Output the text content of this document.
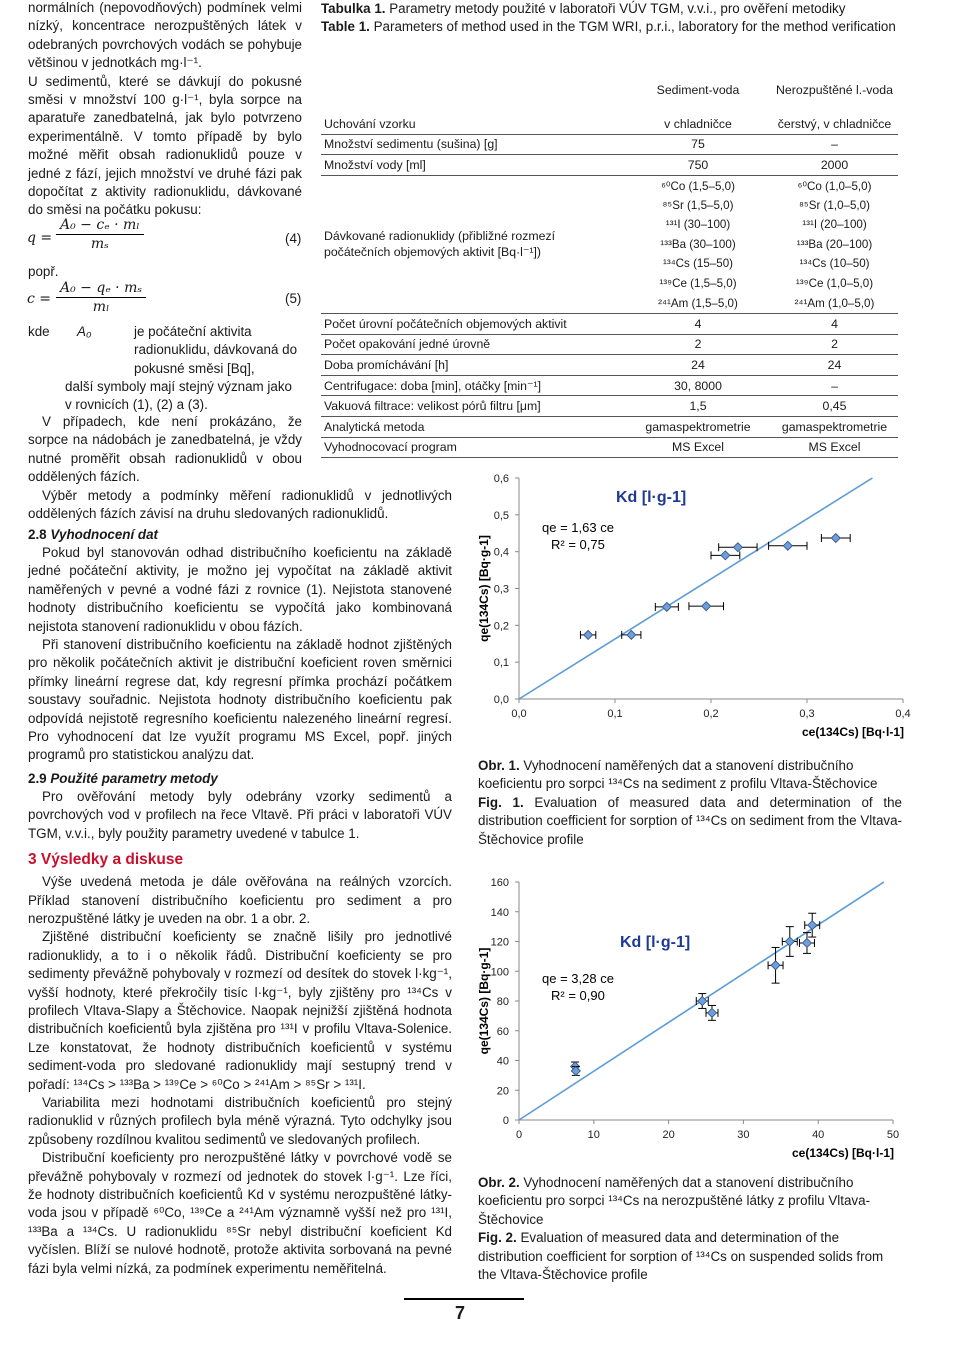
normálních (nepovodňových) podmínek velmi nízký, koncentrace nerozpuštěných látek v odebraných povrchových vodách se pohybuje většinou v jednotkách mg·l⁻¹.

U sedimentů, které se dávkují do pokusné směsi v množství 100 g·l⁻¹, byla sorpce na aparatuře zanedbatelná, jak bylo potvrzeno experimentálně. V tomto případě by bylo možné měřit obsah radionuklidů pouze v jedné z fází, jejich množství ve druhé fázi pak dopočítat z aktivity radionuklidu, dávkované do směsi na počátku pokusu:

$q = \frac{\text{A₀ − cₑ · mₗ}}{\text{mₛ}}$	(4)
popř.
$c = \frac{\text{A₀ − qₑ · mₛ}}{\text{mₗ}}$	(5)
kde A₀	je počáteční aktivita radionuklidu, dávkovaná do pokusné směsi [Bq],

další symboly mají stejný význam jako v rovnicích (1), (2) a (3).

V případech, kde není prokázáno, že sorpce na nádobách je zanedbatelná, je vždy nutné proměřit obsah radionuklidů v obou oddělených fázích.

Výběr metody a podmínky měření radionuklidů v jednotlivých oddělených fázích závisí na druhu sledovaných radionuklidů.

2.8 Vyhodnocení dat

Pokud byl stanovován odhad distribučního koeficientu na základě jedné počáteční aktivity, je možno jej vypočítat na základě aktivit naměřených v pevné a vodné fázi z rovnice (1). Nejistota stanovené hodnoty distribučního koeficientu se vypočítá jako kombinovaná nejistota stanovení radionuklidu v obou fázích.

Při stanovení distribučního koeficientu na základě hodnot zjištěných pro několik počátečních aktivit je distribuční koeficient roven směrnici přímky lineární regrese dat, kdy regresní přímka prochází počátkem soustavy souřadnic. Nejistota hodnoty distribučního koeficientu pak odpovídá nejistotě regresního koeficientu nalezeného lineární regresí. Pro vyhodnocení dat lze využít programu MS Excel, popř. jiných programů pro statistickou analýzu dat.

2.9 Použité parametry metody

Pro ověřování metody byly odebrány vzorky sedimentů a povrchových vod v profilech na řece Vltavě. Při práci v laboratoři VÚV TGM, v.v.i., byly použity parametry uvedené v tabulce 1.

3 Výsledky a diskuse

Výše uvedená metoda je dále ověřována na reálných vzorcích. Příklad stanovení distribučního koeficientu pro sediment a pro nerozpuštěné látky je uveden na obr. 1 a obr. 2.

Zjištěné distribuční koeficienty se značně lišily pro jednotlivé radionuklidy, a to i o několik řádů. Distribuční koeficienty se pro sedimenty převážně pohybovaly v rozmezí od desítek do stovek l·kg⁻¹, vyšší hodnoty, které překročily tisíc l·kg⁻¹, byly zjištěny pro ¹³⁴Cs v profilech Vltava-Slapy a Štěchovice. Naopak nejnižší zjištěná hodnota distribučních koeficientů byla zjištěna pro ¹³¹I v profilu Vltava-Solenice. Lze konstatovat, že hodnoty distribučních koeficientů v systému sediment-voda pro sledované radionuklidy mají sestupný trend v pořadí: ¹³⁴Cs > ¹³³Ba > ¹³⁹Ce > ⁶⁰Co > ²⁴¹Am > ⁸⁵Sr > ¹³¹I.

Variabilita mezi hodnotami distribučních koeficientů pro stejný radionuklid v různých profilech byla méně výrazná. Tyto odchylky jsou způsobeny rozdílnou kvalitou sedimentů ve sledovaných profilech.

Distribuční koeficienty pro nerozpuštěné látky v povrchové vodě se převážně pohybovaly v rozmezí od jednotek do stovek l·g⁻¹. Lze říci, že hodnoty distribučních koeficientů Kd v systému nerozpuštěné látky-voda jsou v případě ⁶⁰Co, ¹³⁹Ce a ²⁴¹Am významně vyšší než pro ¹³¹I, ¹³³Ba a ¹³⁴Cs. U radionuklidu ⁸⁵Sr nebyl distribuční koeficient Kd vyčíslen. Blíží se nulové hodnotě, protože aktivita sorbovaná na pevné fázi byla velmi nízká, za podmínek experimentu neměřitelná.

Tabulka 1. Parametry metody použité v laboratoři VÚV TGM, v.v.i., pro ověření metodiky

Table 1. Parameters of method used in the TGM WRI, p.r.i., laboratory for the method verification

	Sediment-voda	Nerozpuštěné l.-voda

Uchování vzorku	v chladničce	čerstvý, v chladničce
Množství sedimentu (sušina) [g]	75	–
Množství vody [ml]	750	2000
Dávkované radionuklidy (přibližné rozmezí počátečních objemových aktivit [Bq·l⁻¹])	⁶⁰Co (1,5–5,0)	⁶⁰Co (1,0–5,0)
	⁸⁵Sr (1,5–5,0)	⁸⁵Sr (1,0–5,0)
	¹³¹I (30–100)	¹³¹I (20–100)
	¹³³Ba (30–100)	¹³³Ba (20–100)
	¹³⁴Cs (15–50)	¹³⁴Cs (10–50)
	¹³⁹Ce (1,5–5,0)	¹³⁹Ce (1,0–5,0)
	²⁴¹Am (1,5–5,0)	²⁴¹Am (1,0–5,0)
Počet úrovní počátečních objemových aktivit	4	4
Počet opakování jedné úrovně	2	2
Doba promíchávání [h]	24	24
Centrifugace: doba [min], otáčky [min⁻¹]	30, 8000	–
Vakuová filtrace: velikost pórů filtru [μm]	1,5	0,45
Analytická metoda	gamaspektrometrie	gamaspektrometrie
Vyhodnocovací program	MS Excel	MS Excel
0,0
0,1
0,2
0,3
0,4
0,5
0,6
0,0	0,1	0,2	0,3	0,4
qe(134Cs) [Bq·g-1]
ce(134Cs) [Bq·l-1]
Kd [l·g-1]
qe = 1,63 ce
R² = 0,75

Obr. 1. Vyhodnocení naměřených dat a stanovení distribučního koeficientu pro sorpci ¹³⁴Cs na sediment z profilu Vltava-Štěchovice

Fig. 1. Evaluation of measured data and determination of the distribution coefficient for sorption of ¹³⁴Cs on sediment from the Vltava-Štěchovice profile

0
20
40
60
80
100
120
140
160
0	10	20	30	40	50
qe(134Cs) [Bq·g-1]
ce(134Cs) [Bq·l-1]
Kd [l·g-1]
qe = 3,28 ce
R² = 0,90

Obr. 2. Vyhodnocení naměřených dat a stanovení distribučního koeficientu pro sorpci ¹³⁴Cs na nerozpuštěné látky z profilu Vltava-Štěchovice

Fig. 2. Evaluation of measured data and determination of the distribution coefficient for sorption of ¹³⁴Cs on suspended solids from the Vltava-Štěchovice profile

7
